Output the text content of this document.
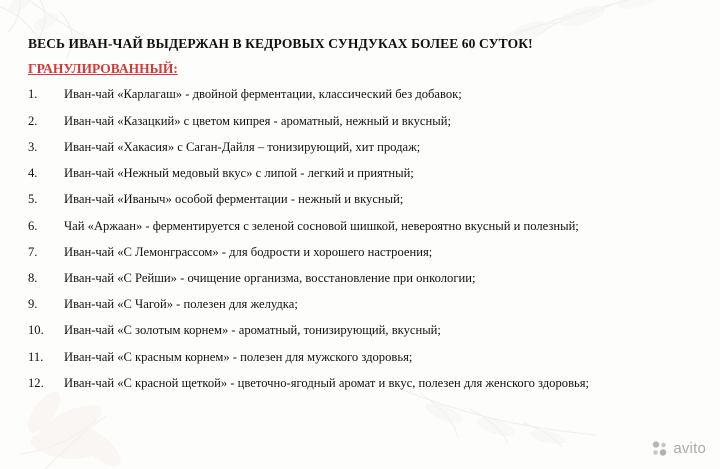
ВЕСЬ ИВАН-ЧАЙ ВЫДЕРЖАН В КЕДРОВЫХ СУНДУКАХ БОЛЕЕ 60 СУТОК!
ГРАНУЛИРОВАННЫЙ:
1.	Иван-чай «Карлагаш» - двойной ферментации, классический без добавок;
2.	Иван-чай «Казацкий» с цветом кипрея - ароматный, нежный и вкусный;
3.	Иван-чай «Хакасия» с Саган-Дайля – тонизирующий, хит продаж;
4.	Иван-чай «Нежный медовый вкус» с липой - легкий и приятный;
5.	Иван-чай «Иваныч» особой ферментации - нежный и вкусный;
6.	Чай «Аржаан» - ферментируется с зеленой сосновой шишкой, невероятно вкусный и полезный;
7.	Иван-чай «С Лемонграссом» - для бодрости и хорошего настроения;
8.	Иван-чай «С Рейши» - очищение организма, восстановление при онкологии;
9.	Иван-чай «С Чагой» - полезен для желудка;
10.	Иван-чай «С золотым корнем» - ароматный, тонизирующий, вкусный;
11.	Иван-чай «С красным корнем» - полезен для мужского здоровья;
12.	Иван-чай «С красной щеткой» - цветочно-ягодный аромат и вкус, полезен для женского здоровья;
avito
